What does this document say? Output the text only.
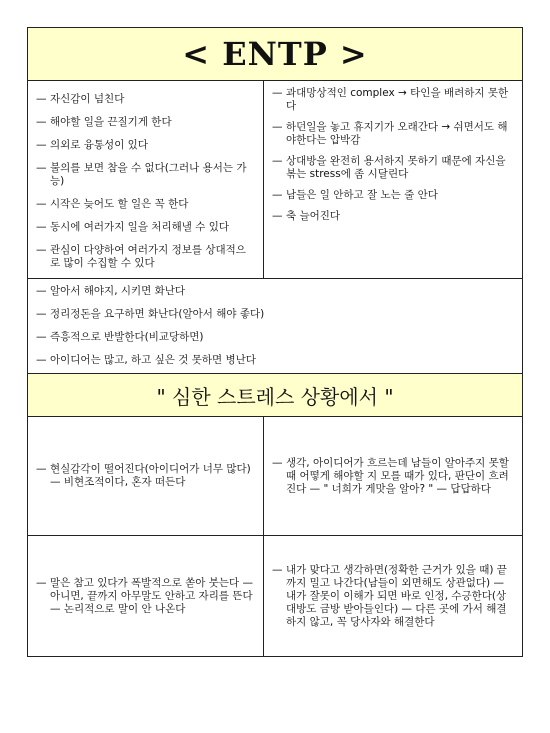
< ENTP >
— 자신감이 넘친다
— 해야할 일을 끈질기게 한다
— 의외로 융통성이 있다
— 불의를 보면 참을 수 없다(그러나 용서는 가능)
— 시작은 늦어도 할 일은 꼭 한다
— 동시에 여러가지 일을 처리해낼 수 있다
— 관심이 다양하여 여러가지 정보를 상대적으로 많이 수집할 수 있다
— 과대망상적인 complex → 타인을 배려하지 못한다
— 하던일을 놓고 휴지기가 오래간다 → 쉬면서도 해야한다는 압박감
— 상대방을 완전히 용서하지 못하기 때문에 자신을 볶는 stress에 좀 시달린다
— 남들은 일 안하고 잘 노는 줄 안다
— 축 늘어진다
— 알아서 해야지, 시키면 화난다
— 정리정돈을 요구하면 화난다(알아서 해야 좋다)
— 즉흥적으로 반발한다(비교당하면)
— 아이디어는 많고, 하고 싶은 것 못하면 병난다
" 심한 스트레스 상황에서 "
— 현실감각이 떨어진다(아이디어가 너무 많다) — 비현조적이다, 혼자 떠든다
— 생각, 아이디어가 흐르는데 남들이 알아주지 못할 때 어떻게 해야할 지 모를 때가 있다, 판단이 흐려진다 — " 너희가 게맛을 알아? " — 답답하다
— 말은 참고 있다가 폭발적으로 쏟아 붓는다 — 아니면, 끝까지 아무말도 안하고 자리를 뜬다 — 논리적으로 말이 안 나온다
— 내가 맞다고 생각하면(정확한 근거가 있을 때) 끝까지 밀고 나간다(남들이 외면해도 상관없다) — 내가 잘못이 이해가 되면 바로 인정, 수긍한다(상대방도 금방 받아들인다) — 다른 곳에 가서 해결하지 않고, 꼭 당사자와 해결한다
